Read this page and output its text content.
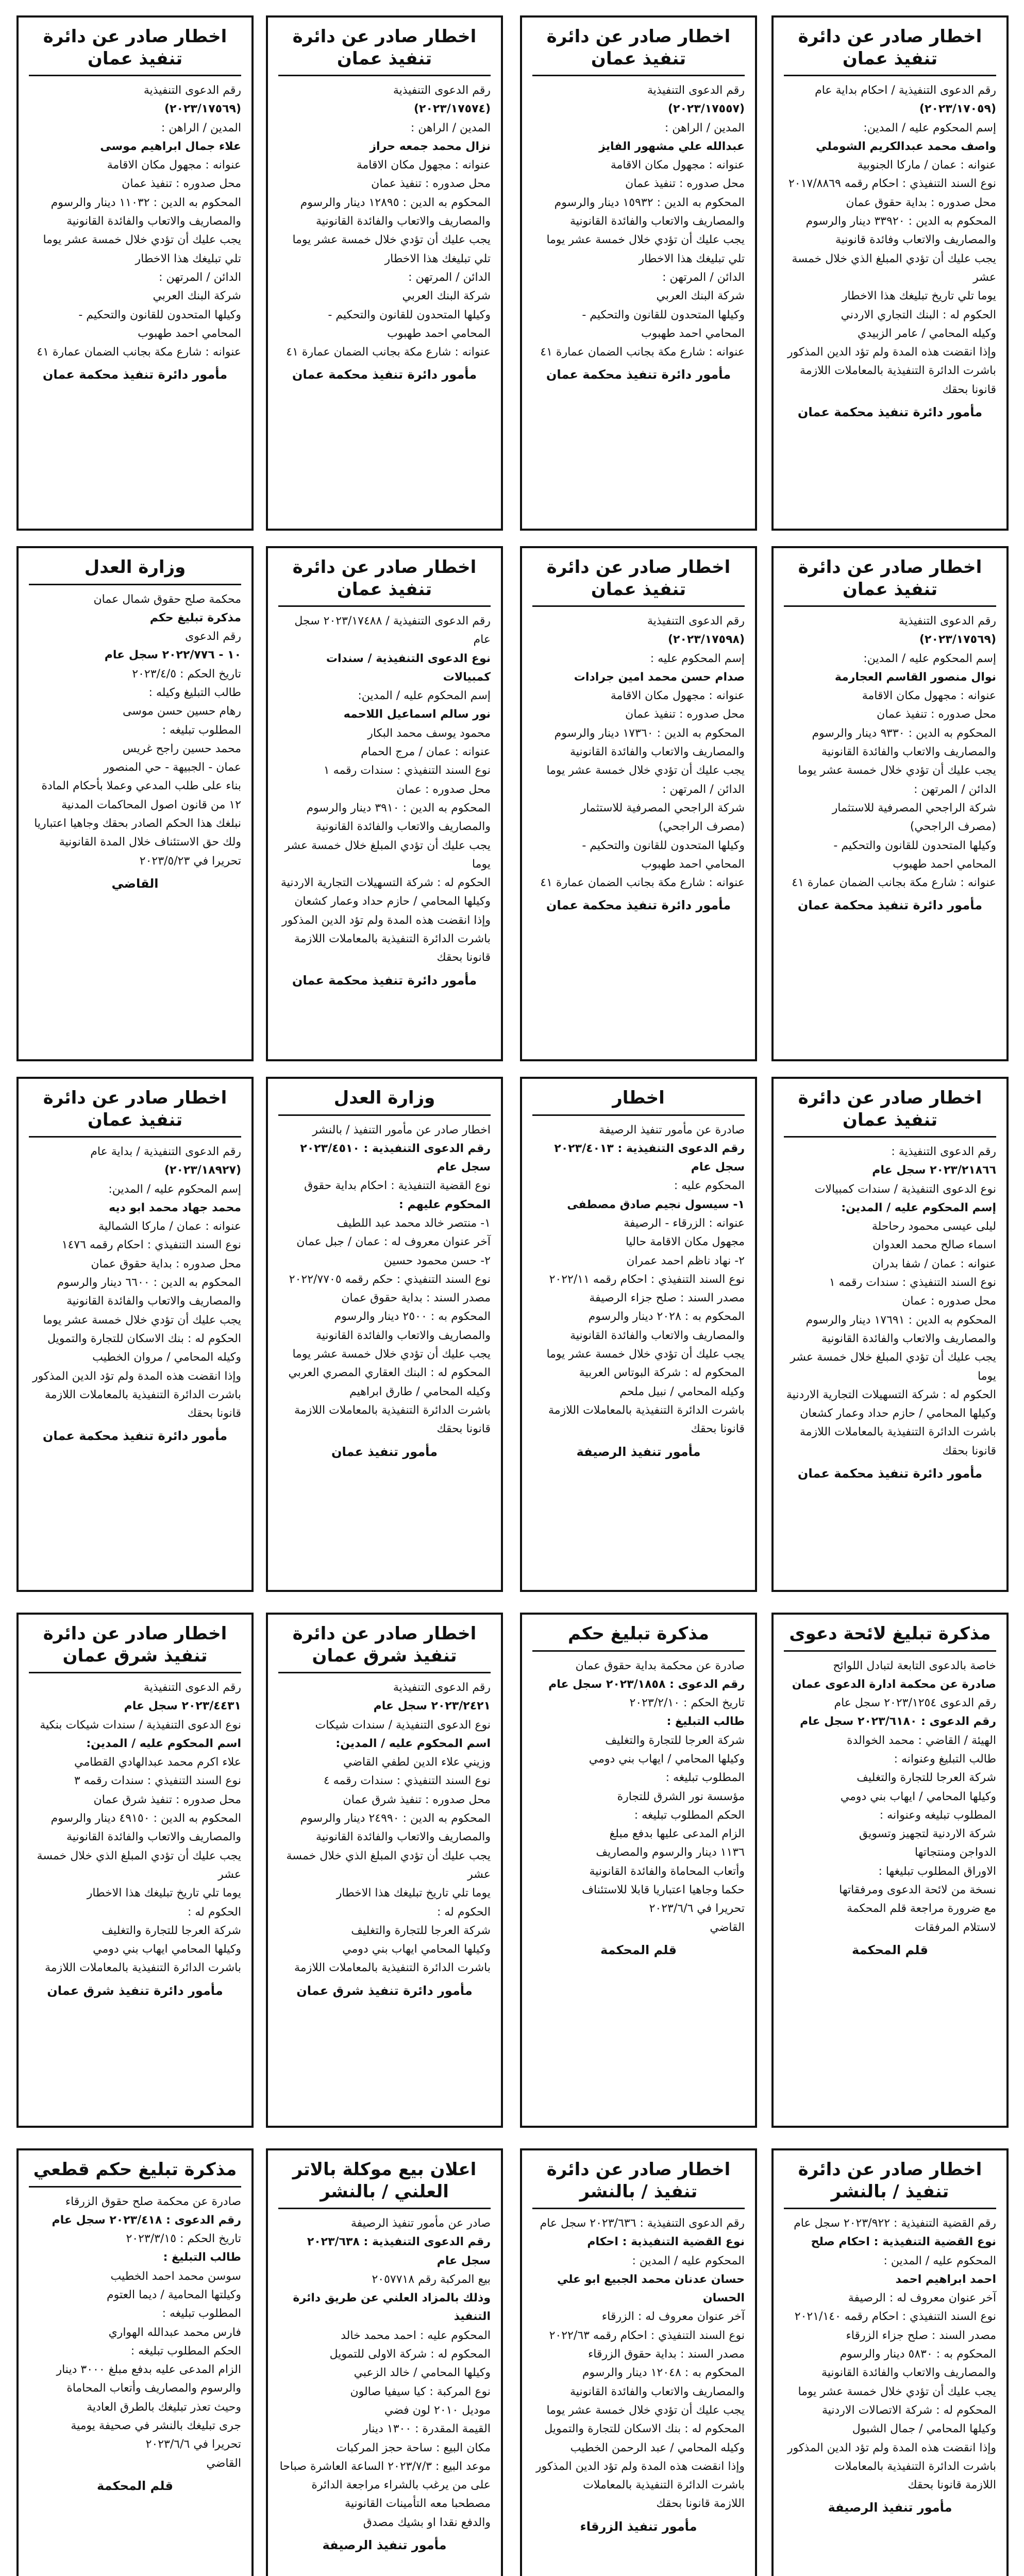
اخطار صادر عن دائرة تنفيذ عمان
رقم الدعوى التنفيذية / احكام بداية عام
(٢٠٢٣/١٧٠٥٩)
إسم المحكوم عليه / المدين:
واصف محمد عبدالكريم الشوملي
عنوانه : عمان / ماركا الجنوبية
نوع السند التنفيذي : احكام رقمه ٢٠١٧/٨٨٦٩
محل صدوره : بداية حقوق عمان
المحكوم به الدين : ٣٣٩٢٠ دينار والرسوم
والمصاريف والاتعاب وفائدة قانونية
يجب عليك أن تؤدي المبلغ الذي خلال خمسة عشر
يوما تلي تاريخ تبليغك هذا الاخطار
الحكوم له : البنك التجاري الاردني
وكيله المحامي / عامر الزبيدي
وإذا انقضت هذه المدة ولم تؤد الدين المذكور
باشرت الدائرة التنفيذية بالمعاملات اللازمة قانونا بحقك
مأمور دائرة تنفيذ محكمة عمان
اخطار صادر عن دائرة تنفيذ عمان
رقم الدعوى التنفيذية
(٢٠٢٣/١٧٥٥٧)
المدين / الراهن :
عبدالله علي مشهور الفايز
عنوانه : مجهول مكان الاقامة
محل صدوره : تنفيذ عمان
المحكوم به الدين : ١٥٩٣٢ دينار والرسوم
والمصاريف والاتعاب والفائدة القانونية
يجب عليك أن تؤدي خلال خمسة عشر يوما
تلي تبليغك هذا الاخطار
الدائن / المرتهن :
شركة البنك العربي
وكيلها المتحدون للقانون والتحكيم -
المحامي احمد طهبوب
عنوانه : شارع مكة بجانب الضمان عمارة ٤١
مأمور دائرة تنفيذ محكمة عمان
اخطار صادر عن دائرة تنفيذ عمان
رقم الدعوى التنفيذية
(٢٠٢٣/١٧٥٧٤)
المدين / الراهن :
نزال محمد جمعه حراز
عنوانه : مجهول مكان الاقامة
محل صدوره : تنفيذ عمان
المحكوم به الدين : ١٢٨٩٥ دينار والرسوم
والمصاريف والاتعاب والفائدة القانونية
يجب عليك أن تؤدي خلال خمسة عشر يوما
تلي تبليغك هذا الاخطار
الدائن / المرتهن :
شركة البنك العربي
وكيلها المتحدون للقانون والتحكيم -
المحامي احمد طهبوب
عنوانه : شارع مكة بجانب الضمان عمارة ٤١
مأمور دائرة تنفيذ محكمة عمان
اخطار صادر عن دائرة تنفيذ عمان
رقم الدعوى التنفيذية
(٢٠٢٣/١٧٥٦٩)
المدين / الراهن :
علاء جمال ابراهيم موسى
عنوانه : مجهول مكان الاقامة
محل صدوره : تنفيذ عمان
المحكوم به الدين : ١١٠٣٢ دينار والرسوم
والمصاريف والاتعاب والفائدة القانونية
يجب عليك أن تؤدي خلال خمسة عشر يوما
تلي تبليغك هذا الاخطار
الدائن / المرتهن :
شركة البنك العربي
وكيلها المتحدون للقانون والتحكيم -
المحامي احمد طهبوب
عنوانه : شارع مكة بجانب الضمان عمارة ٤١
مأمور دائرة تنفيذ محكمة عمان
اخطار صادر عن دائرة تنفيذ عمان
رقم الدعوى التنفيذية
(٢٠٢٣/١٧٥٦٩)
إسم المحكوم عليه / المدين:
نوال منصور القاسم العجارمة
عنوانه : مجهول مكان الاقامة
محل صدوره : تنفيذ عمان
المحكوم به الدين : ٩٣٣٠ دينار والرسوم
والمصاريف والاتعاب والفائدة القانونية
يجب عليك أن تؤدي خلال خمسة عشر يوما
الدائن / المرتهن :
شركة الراجحي المصرفية للاستثمار
(مصرف الراجحي)
وكيلها المتحدون للقانون والتحكيم -
المحامي احمد طهبوب
عنوانه : شارع مكة بجانب الضمان عمارة ٤١
مأمور دائرة تنفيذ محكمة عمان
اخطار صادر عن دائرة تنفيذ عمان
رقم الدعوى التنفيذية
(٢٠٢٣/١٧٥٩٨)
إسم المحكوم عليه :
صدام حسن محمد امين جرادات
عنوانه : مجهول مكان الاقامة
محل صدوره : تنفيذ عمان
المحكوم به الدين : ١٧٣٦٠ دينار والرسوم
والمصاريف والاتعاب والفائدة القانونية
يجب عليك أن تؤدي خلال خمسة عشر يوما
الدائن / المرتهن :
شركة الراجحي المصرفية للاستثمار
(مصرف الراجحي)
وكيلها المتحدون للقانون والتحكيم -
المحامي احمد طهبوب
عنوانه : شارع مكة بجانب الضمان عمارة ٤١
مأمور دائرة تنفيذ محكمة عمان
اخطار صادر عن دائرة تنفيذ عمان
رقم الدعوى التنفيذية / ٢٠٢٣/١٧٤٨٨ سجل عام
نوع الدعوى التنفيذية / سندات كمبيالات
إسم المحكوم عليه / المدين:
نور سالم اسماعيل اللاحمه
محمود يوسف محمد البكار
عنوانه : عمان / مرج الحمام
نوع السند التنفيذي : سندات رقمه ١
محل صدوره : عمان
المحكوم به الدين : ٣٩١٠ دينار والرسوم
والمصاريف والاتعاب والفائدة القانونية
يجب عليك أن تؤدي المبلغ خلال خمسة عشر يوما
الحكوم له : شركة التسهيلات التجارية الاردنية
وكيلها المحامي / حازم حداد وعمار كشعان
وإذا انقضت هذه المدة ولم تؤد الدين المذكور
باشرت الدائرة التنفيذية بالمعاملات اللازمة قانونا بحقك
مأمور دائرة تنفيذ محكمة عمان
وزارة العدل
محكمة صلح حقوق شمال عمان
مذكرة تبليغ حكم
رقم الدعوى
١٠ - ٢٠٢٢/٧٧٦ سجل عام
تاريخ الحكم : ٢٠٢٣/٤/٥
طالب التبليغ وكيله :
رهام حسين حسن موسى
المطلوب تبليغه :
محمد حسين راجح غريس
عمان - الجبيهة - حي المنصور
بناء على طلب المدعي وعملا بأحكام المادة
١٢ من قانون اصول المحاكمات المدنية
نبلغك هذا الحكم الصادر بحقك وجاهيا اعتباريا
ولك حق الاستئناف خلال المدة القانونية
تحريرا في ٢٠٢٣/٥/٢٣
القاضي
اخطار صادر عن دائرة تنفيذ عمان
رقم الدعوى التنفيذية :
٢٠٢٣/٢١٨٦٦ سجل عام
نوع الدعوى التنفيذية / سندات كمبيالات
إسم المحكوم عليه / المدين:
ليلى عيسى محمود رحاحلة
اسماء صالح محمد العدوان
عنوانه : عمان / شفا بدران
نوع السند التنفيذي : سندات رقمه ١
محل صدوره : عمان
المحكوم به الدين : ١٧٦٩١ دينار والرسوم
والمصاريف والاتعاب والفائدة القانونية
يجب عليك أن تؤدي المبلغ خلال خمسة عشر يوما
الحكوم له : شركة التسهيلات التجارية الاردنية
وكيلها المحامي / حازم حداد وعمار كشعان
باشرت الدائرة التنفيذية بالمعاملات اللازمة قانونا بحقك
مأمور دائرة تنفيذ محكمة عمان
اخطار
صادرة عن مأمور تنفيذ الرصيفة
رقم الدعوى التنفيذية : ٢٠٢٣/٤٠١٣ سجل عام
المحكوم عليه :
١- سيسول نجيم صادق مصطفى
عنوانه : الزرقاء - الرصيفة
مجهول مكان الاقامة حاليا
٢- نهاد ناظم احمد عمران
نوع السند التنفيذي : احكام رقمه ٢٠٢٢/١١
مصدر السند : صلح جزاء الرصيفة
المحكوم به : ٢٠٢٨ دينار والرسوم
والمصاريف والاتعاب والفائدة القانونية
يجب عليك أن تؤدي خلال خمسة عشر يوما
المحكوم له : شركة البوتاس العربية
وكيله المحامي / نبيل ملحم
باشرت الدائرة التنفيذية بالمعاملات اللازمة قانونا بحقك
مأمور تنفيذ الرصيفة
وزارة العدل
اخطار صادر عن مأمور التنفيذ / بالنشر
رقم الدعوى التنفيذية : ٢٠٢٣/٤٥١٠ سجل عام
نوع القضية التنفيذية : احكام بداية حقوق
المحكوم عليهم :
١- منتصر خالد محمد عبد اللطيف
آخر عنوان معروف له : عمان / جبل عمان
٢- حسن محمود حسين
نوع السند التنفيذي : حكم رقمه ٢٠٢٢/٧٧٠٥
مصدر السند : بداية حقوق عمان
المحكوم به : ٢٥٠٠ دينار والرسوم
والمصاريف والاتعاب والفائدة القانونية
يجب عليك أن تؤدي خلال خمسة عشر يوما
المحكوم له : البنك العقاري المصري العربي
وكيله المحامي / طارق ابراهيم
باشرت الدائرة التنفيذية بالمعاملات اللازمة قانونا بحقك
مأمور تنفيذ عمان
اخطار صادر عن دائرة تنفيذ عمان
رقم الدعوى التنفيذية / بداية عام
(٢٠٢٣/١٨٩٢٧)
إسم المحكوم عليه / المدين:
محمد جهاد محمد ابو ديه
عنوانه : عمان / ماركا الشمالية
نوع السند التنفيذي : احكام رقمه ١٤٧٦
محل صدوره : بداية حقوق عمان
المحكوم به الدين : ٦٦٠٠ دينار والرسوم
والمصاريف والاتعاب والفائدة القانونية
يجب عليك أن تؤدي خلال خمسة عشر يوما
الحكوم له : بنك الاسكان للتجارة والتمويل
وكيله المحامي / مروان الخطيب
وإذا انقضت هذه المدة ولم تؤد الدين المذكور
باشرت الدائرة التنفيذية بالمعاملات اللازمة
قانونا بحقك
مأمور دائرة تنفيذ محكمة عمان
مذكرة تبليغ لائحة دعوى
خاصة بالدعوى التابعة لتبادل اللوائح
صادرة عن محكمة ادارة الدعوى عمان
رقم الدعوى ٢٠٢٣/١٢٥٤ سجل عام
رقم الدعوى : ٢٠٢٣/٦١٨٠ سجل عام
الهيئة / القاضي : محمد الخوالدة
طالب التبليغ وعنوانه :
شركة العرجا للتجارة والتغليف
وكيلها المحامي / ايهاب بني دومي
المطلوب تبليغه وعنوانه :
شركة الاردنية لتجهيز وتسويق
الدواجن ومنتجاتها
الاوراق المطلوب تبليغها :
نسخة من لائحة الدعوى ومرفقاتها
مع ضرورة مراجعة قلم المحكمة
لاستلام المرفقات
قلم المحكمة
مذكرة تبليغ حكم
صادرة عن محكمة بداية حقوق عمان
رقم الدعوى : ٢٠٢٣/١٨٥٨ سجل عام
تاريخ الحكم : ٢٠٢٣/٢/١٠
طالب التبليغ :
شركة العرجا للتجارة والتغليف
وكيلها المحامي / ايهاب بني دومي
المطلوب تبليغه :
مؤسسة نور الشرق للتجارة
الحكم المطلوب تبليغه :
الزام المدعى عليها بدفع مبلغ
١١٣٦ دينار والرسوم والمصاريف
وأتعاب المحاماة والفائدة القانونية
حكما وجاهيا اعتباريا قابلا للاستئناف
تحريرا في ٢٠٢٣/٦/٦
القاضي
قلم المحكمة
اخطار صادر عن دائرة تنفيذ شرق عمان
رقم الدعوى التنفيذية
٢٠٢٣/٢٤٢١ سجل عام
نوع الدعوى التنفيذية / سندات شيكات
اسم المحكوم عليه / المدين:
وزيني علاء الدين لطفي القاضي
نوع السند التنفيذي : سندات رقمه ٤
محل صدوره : تنفيذ شرق عمان
المحكوم به الدين : ٢٤٩٩٠ دينار والرسوم
والمصاريف والاتعاب والفائدة القانونية
يجب عليك أن تؤدي المبلغ الذي خلال خمسة عشر
يوما تلي تاريخ تبليغك هذا الاخطار
الحكوم له :
شركة العرجا للتجارة والتغليف
وكيلها المحامي ايهاب بني دومي
باشرت الدائرة التنفيذية بالمعاملات اللازمة
مأمور دائرة تنفيذ شرق عمان
اخطار صادر عن دائرة تنفيذ شرق عمان
رقم الدعوى التنفيذية
٢٠٢٣/٤٤٣١ سجل عام
نوع الدعوى التنفيذية / سندات شيكات بنكية
اسم المحكوم عليه / المدين:
علاء اكرم محمد عبدالهادي القطامي
نوع السند التنفيذي : سندات رقمه ٣
محل صدوره : تنفيذ شرق عمان
المحكوم به الدين : ٤٩١٥٠ دينار والرسوم
والمصاريف والاتعاب والفائدة القانونية
يجب عليك أن تؤدي المبلغ الذي خلال خمسة عشر
يوما تلي تاريخ تبليغك هذا الاخطار
الحكوم له :
شركة العرجا للتجارة والتغليف
وكيلها المحامي ايهاب بني دومي
باشرت الدائرة التنفيذية بالمعاملات اللازمة
مأمور دائرة تنفيذ شرق عمان
اخطار صادر عن دائرة تنفيذ / بالنشر
رقم القضية التنفيذية : ٢٠٢٣/٩٢٢ سجل عام
نوع القضية التنفيذية : احكام صلح
المحكوم عليه / المدين :
احمد ابراهيم احمد
آخر عنوان معروف له : الرصيفة
نوع السند التنفيذي : احكام رقمه ٢٠٢١/١٤٠
مصدر السند : صلح جزاء الزرقاء
المحكوم به : ٥٨٣٠ دينار والرسوم
والمصاريف والاتعاب والفائدة القانونية
يجب عليك أن تؤدي خلال خمسة عشر يوما
المحكوم له : شركة الاتصالات الاردنية
وكيلها المحامي / جمال الشبول
وإذا انقضت هذه المدة ولم تؤد الدين المذكور
باشرت الدائرة التنفيذية بالمعاملات
اللازمة قانونا بحقك
مأمور تنفيذ الرصيفة
اخطار صادر عن دائرة تنفيذ / بالنشر
رقم الدعوى التنفيذية : ٢٠٢٣/٦٣٦ سجل عام
نوع القضية التنفيذية : احكام
المحكوم عليه / المدين :
حسان عدنان محمد الجبيع ابو علي الحسان
آخر عنوان معروف له : الزرقاء
نوع السند التنفيذي : احكام رقمه ٢٠٢٢/٦٣
مصدر السند : بداية حقوق الزرقاء
المحكوم به : ١٢٠٤٨ دينار والرسوم
والمصاريف والاتعاب والفائدة القانونية
يجب عليك أن تؤدي خلال خمسة عشر يوما
المحكوم له : بنك الاسكان للتجارة والتمويل
وكيله المحامي / عبد الرحمن الخطيب
وإذا انقضت هذه المدة ولم تؤد الدين المذكور
باشرت الدائرة التنفيذية بالمعاملات
اللازمة قانونا بحقك
مأمور تنفيذ الزرقاء
اعلان بيع موكلة بالاتر العلني / بالنشر
صادر عن مأمور تنفيذ الرصيفة
رقم الدعوى التنفيذية : ٢٠٢٣/٦٣٨ سجل عام
بيع المركبة رقم ٢٠٥٧٧١٨
وذلك بالمزاد العلني عن طريق دائرة التنفيذ
المحكوم عليه : احمد محمد خالد
المحكوم له : شركة الاولى للتمويل
وكيلها المحامي / خالد الزعبي
نوع المركبة : كيا سيفيا صالون
موديل ٢٠١٠ لون فضي
القيمة المقدرة : ١٣٠٠ دينار
مكان البيع : ساحة حجز المركبات
موعد البيع : ٢٠٢٣/٧/٣ الساعة العاشرة صباحا
على من يرغب بالشراء مراجعة الدائرة
مصطحبا معه التأمينات القانونية
والدفع نقدا او بشيك مصدق
مأمور تنفيذ الرصيفة
مذكرة تبليغ حكم قطعي
صادرة عن محكمة صلح حقوق الزرقاء
رقم الدعوى : ٢٠٢٣/٤١٨ سجل عام
تاريخ الحكم : ٢٠٢٣/٣/١٥
طالب التبليغ :
سوسن محمد احمد الخطيب
وكيلتها المحامية / ديما العتوم
المطلوب تبليغه :
فارس محمد عبدالله الهواري
الحكم المطلوب تبليغه :
الزام المدعى عليه بدفع مبلغ ٣٠٠٠ دينار
والرسوم والمصاريف وأتعاب المحاماة
وحيث تعذر تبليغك بالطرق العادية
جرى تبليغك بالنشر في صحيفة يومية
تحريرا في ٢٠٢٣/٦/٦
القاضي
قلم المحكمة
